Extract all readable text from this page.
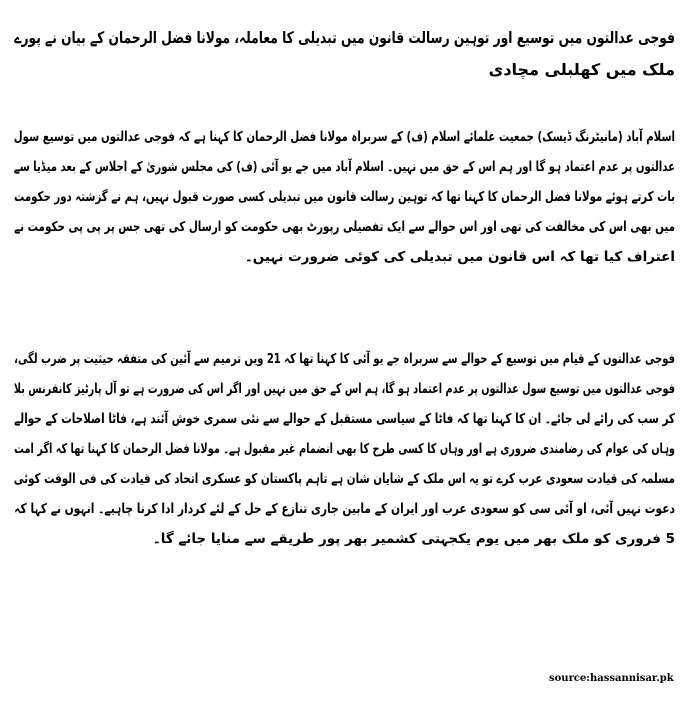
فوجی عدالتوں میں توسیع اور توہین رسالت قانون میں تبدیلی کا معاملہ، مولانا فضل الرحمان کے بیان نے پورے
ملک میں کھلبلی مچادی

اسلام آباد (مانیٹرنگ ڈیسک) جمعیت علمائے اسلام (ف) کے سربراہ مولانا فضل الرحمان کا کہنا ہے کہ فوجی عدالتوں میں توسیع سول
عدالتوں پر عدم اعتماد ہو گا اور ہم اس کے حق میں نہیں۔ اسلام آباد میں جے یو آئی (ف) کی مجلس شوریٰ کے اجلاس کے بعد میڈیا سے
بات کرتے ہوئے مولانا فضل الرحمان کا کہنا تھا کہ توہین رسالت قانون میں تبدیلی کسی صورت قبول نہیں، ہم نے گزشتہ دور حکومت
میں بھی اس کی مخالفت کی تھی اور اس حوالے سے ایک تفصیلی رپورٹ بھی حکومت کو ارسال کی تھی جس پر پی پی حکومت نے
اعتراف کیا تھا کہ اس قانون میں تبدیلی کی کوئی ضرورت نہیں۔

فوجی عدالتوں کے قیام میں توسیع کے حوالے سے سربراہ جے یو آئی کا کہنا تھا کہ 21 ویں ترمیم سے آئین کی متفقہ حیثیت پر ضرب لگی،
فوجی عدالتوں میں توسیع سول عدالتوں پر عدم اعتماد ہو گا، ہم اس کے حق میں نہیں اور اگر اس کی ضرورت ہے تو آل پارٹیز کانفرنس بلا
کر سب کی رائے لی جائے۔ ان کا کہنا تھا کہ فاٹا کے سیاسی مستقبل کے حوالے سے نئی سمری خوش آئند ہے، فاٹا اصلاحات کے حوالے
وہاں کی عوام کی رضامندی ضروری ہے اور وہاں کا کسی طرح کا بھی انضمام غیر مقبول ہے۔ مولانا فضل الرحمان کا کہنا تھا کہ اگر امت
مسلمہ کی قیادت سعودی عرب کرے تو یہ اس ملک کے شایان شان ہے تاہم پاکستان کو عسکری اتحاد کی قیادت کی فی الوقت کوئی
دعوت نہیں آئی، او آئی سی کو سعودی عرب اور ایران کے مابین جاری تنازع کے حل کے لئے کردار ادا کرنا چاہیے۔ انہوں نے کہا کہ
5 فروری کو ملک بھر میں یوم یکجہتی کشمیر بھر پور طریقے سے منایا جائے گا۔

source:hassannisar.pk
